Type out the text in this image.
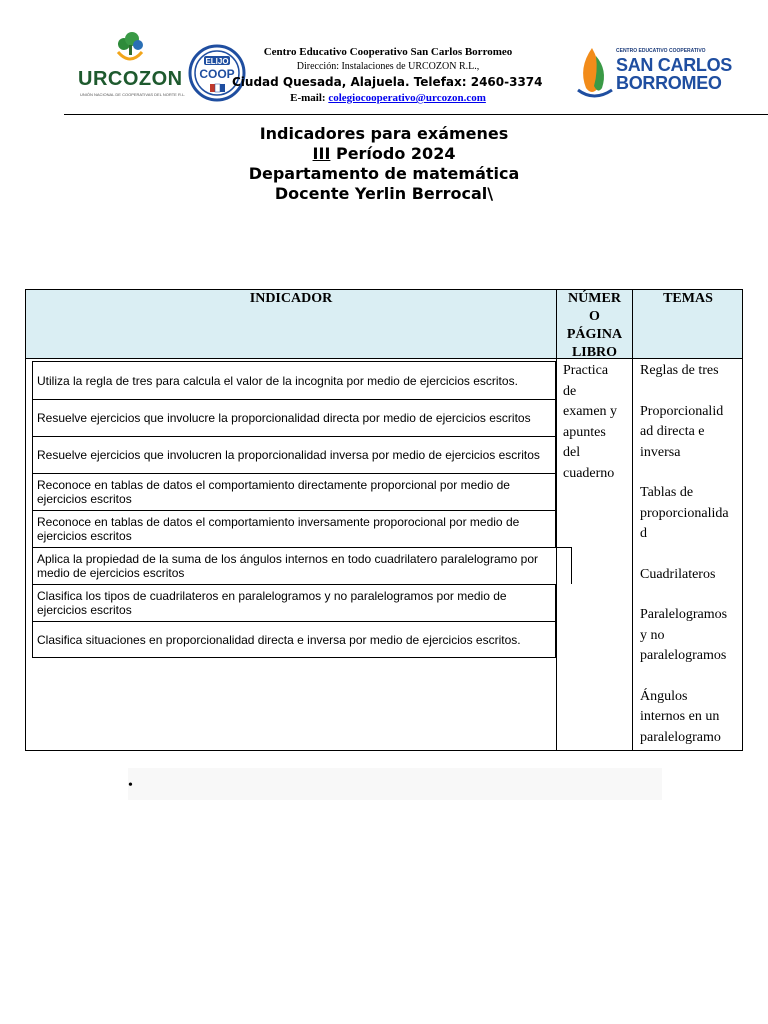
URCOZON
UNIÓN NACIONAL DE COOPERATIVAS DEL NORTE R.L.
ELIJO
COOP
CENTRO EDUCATIVO COOPERATIVO
SAN CARLOS
BORROMEO
Centro Educativo Cooperativo San Carlos Borromeo
Dirección: Instalaciones de URCOZON R.L.,
Ciudad Quesada, Alajuela. Telefax: 2460-3374
E-mail: colegiocooperativo@urcozon.com
Indicadores para exámenes
III Período 2024
Departamento de matemática
Docente Yerlin Berrocal\
INDICADOR	NÚMER
O
PÁGINA
LIBRO
TEMAS
Utiliza la regla de tres para calcula el valor de la incognita por medio de ejercicios escritos.
Resuelve ejercicios que involucre la proporcionalidad directa por medio de ejercicios escritos
Resuelve ejercicios que involucren la proporcionalidad inversa por medio de ejercicios escritos
Reconoce en tablas de datos el comportamiento directamente proporcional por medio de ejercicios escritos
Reconoce en tablas de datos el comportamiento inversamente proporocional por medio de ejercicios escritos
Aplica la propiedad de la suma de los ángulos internos en todo cuadrilatero paralelogramo por medio de ejercicios escritos
Clasifica los tipos de cuadrilateros en paralelogramos y no paralelogramos por medio de ejercicios escritos
Clasifica situaciones en proporcionalidad directa e inversa por medio de ejercicios escritos.
Practica
de
examen y
apuntes
del
cuaderno

Reglas de tres

Proporcionalid
ad directa e
inversa

Tablas de
proporcionalida
d

Cuadrilateros

Paralelogramos
y no
paralelogramos

Ángulos
internos en un
paralelogramo

•
